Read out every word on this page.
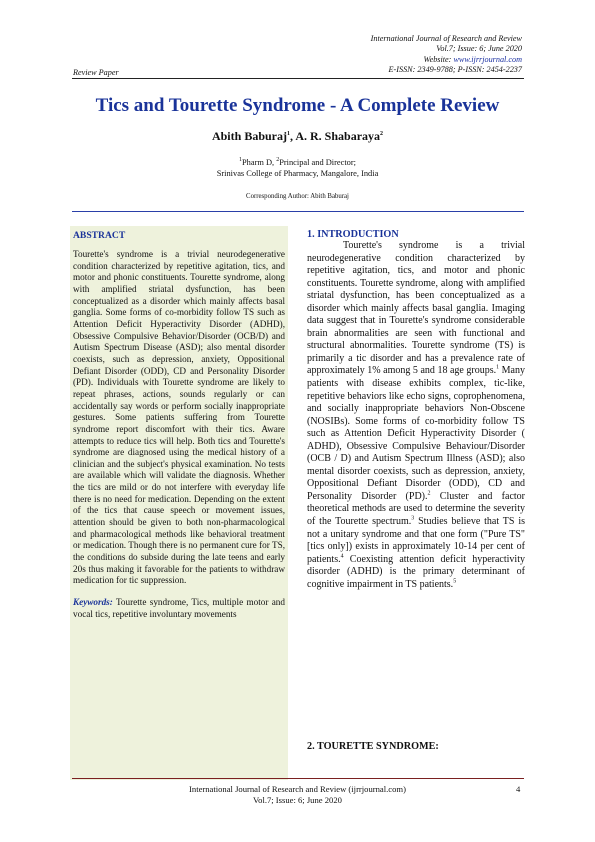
International Journal of Research and Review
Vol.7; Issue: 6; June 2020
Website: www.ijrrjournal.com
E-ISSN: 2349-9788; P-ISSN: 2454-2237
Review Paper
Tics and Tourette Syndrome - A Complete Review
Abith Baburaj$^1$, A. R. Shabaraya$^2$
$^1$Pharm D, $^2$Principal and Director;
Srinivas College of Pharmacy, Mangalore, India
Corresponding Author: Abith Baburaj

ABSTRACT

Tourette's syndrome is a trivial neurodegenerative condition characterized by repetitive agitation, tics, and motor and phonic constituents. Tourette syndrome, along with amplified striatal dysfunction, has been conceptualized as a disorder which mainly affects basal ganglia. Some forms of co-morbidity follow TS such as Attention Deficit Hyperactivity Disorder (ADHD), Obsessive Compulsive Behavior/Disorder (OCB/D) and Autism Spectrum Disease (ASD); also mental disorder coexists, such as depression, anxiety, Oppositional Defiant Disorder (ODD), CD and Personality Disorder (PD). Individuals with Tourette syndrome are likely to repeat phrases, actions, sounds regularly or can accidentally say words or perform socially inappropriate gestures. Some patients suffering from Tourette syndrome report discomfort with their tics. Aware attempts to reduce tics will help. Both tics and Tourette's syndrome are diagnosed using the medical history of a clinician and the subject's physical examination. No tests are available which will validate the diagnosis. Whether the tics are mild or do not interfere with everyday life there is no need for medication. Depending on the extent of the tics that cause speech or movement issues, attention should be given to both non-pharmacological and pharmacological methods like behavioral treatment or medication. Though there is no permanent cure for TS, the conditions do subside during the late teens and early 20s thus making it favorable for the patients to withdraw medication for tic suppression.

Keywords: Tourette syndrome, Tics, multiple motor and vocal tics, repetitive involuntary movements

1. INTRODUCTION

Tourette's syndrome is a trivial neurodegenerative condition characterized by repetitive agitation, tics, and motor and phonic constituents. Tourette syndrome, along with amplified striatal dysfunction, has been conceptualized as a disorder which mainly affects basal ganglia. Imaging data suggest that in Tourette's syndrome considerable brain abnormalities are seen with functional and structural abnormalities. Tourette syndrome (TS) is primarily a tic disorder and has a prevalence rate of approximately 1% among 5 and 18 age groups.$^1$ Many patients with disease exhibits complex, tic-like, repetitive behaviors like echo signs, coprophenomena, and socially inappropriate behaviors Non-Obscene (NOSIBs). Some forms of co-morbidity follow TS such as Attention Deficit Hyperactivity Disorder ( ADHD), Obsessive Compulsive Behaviour/Disorder (OCB / D) and Autism Spectrum Illness (ASD); also mental disorder coexists, such as depression, anxiety, Oppositional Defiant Disorder (ODD), CD and Personality Disorder (PD).$^2$ Cluster and factor theoretical methods are used to determine the severity of the Tourette spectrum.$^3$ Studies believe that TS is not a unitary syndrome and that one form ("Pure TS" [tics only]) exists in approximately 10-14 per cent of patients.$^4$ Coexisting attention deficit hyperactivity disorder (ADHD) is the primary determinant of cognitive impairment in TS patients.$^5$

2. TOURETTE SYNDROME:
International Journal of Research and Review (ijrrjournal.com)
Vol.7; Issue: 6; June 2020
4
